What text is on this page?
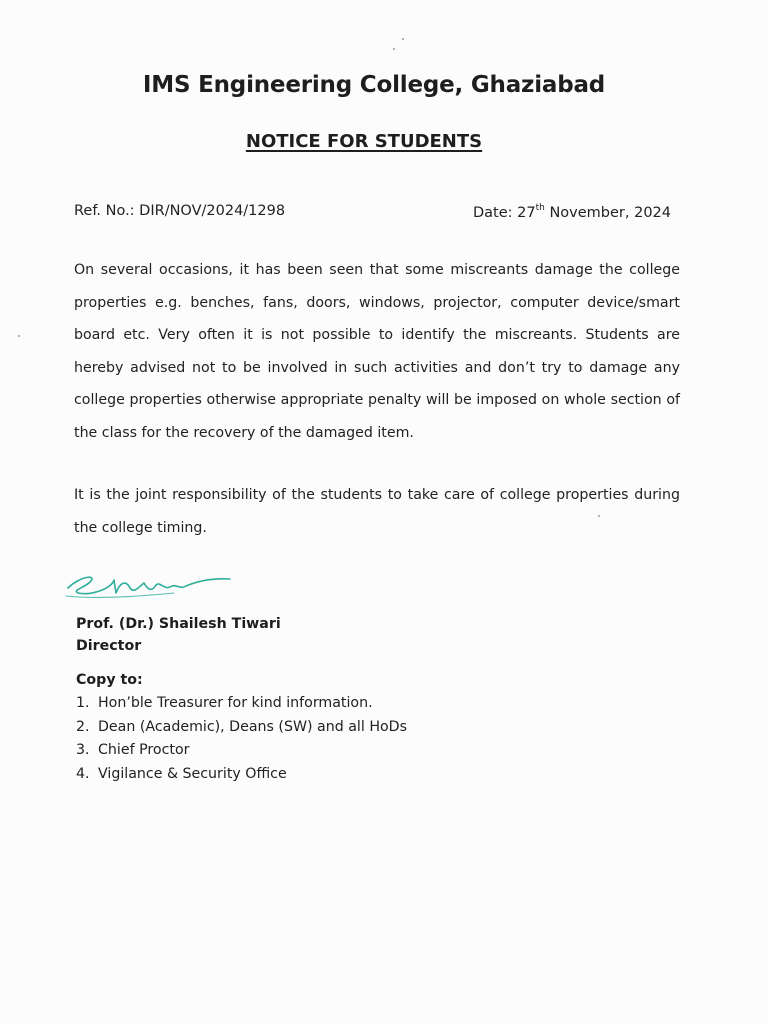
IMS Engineering College, Ghaziabad
NOTICE FOR STUDENTS
Ref. No.: DIR/NOV/2024/1298	Date: 27th November, 2024

On several occasions, it has been seen that some miscreants damage the college properties e.g. benches, fans, doors, windows, projector, computer device/smart board etc. Very often it is not possible to identify the miscreants. Students are hereby advised not to be involved in such activities and don’t try to damage any college properties otherwise appropriate penalty will be imposed on whole section of the class for the recovery of the damaged item.

It is the joint responsibility of the students to take care of college properties during the college timing.

Prof. (Dr.) Shailesh Tiwari
Director
Copy to:
1. Hon’ble Treasurer for kind information.
2. Dean (Academic), Deans (SW) and all HoDs
3. Chief Proctor
4. Vigilance & Security Office
